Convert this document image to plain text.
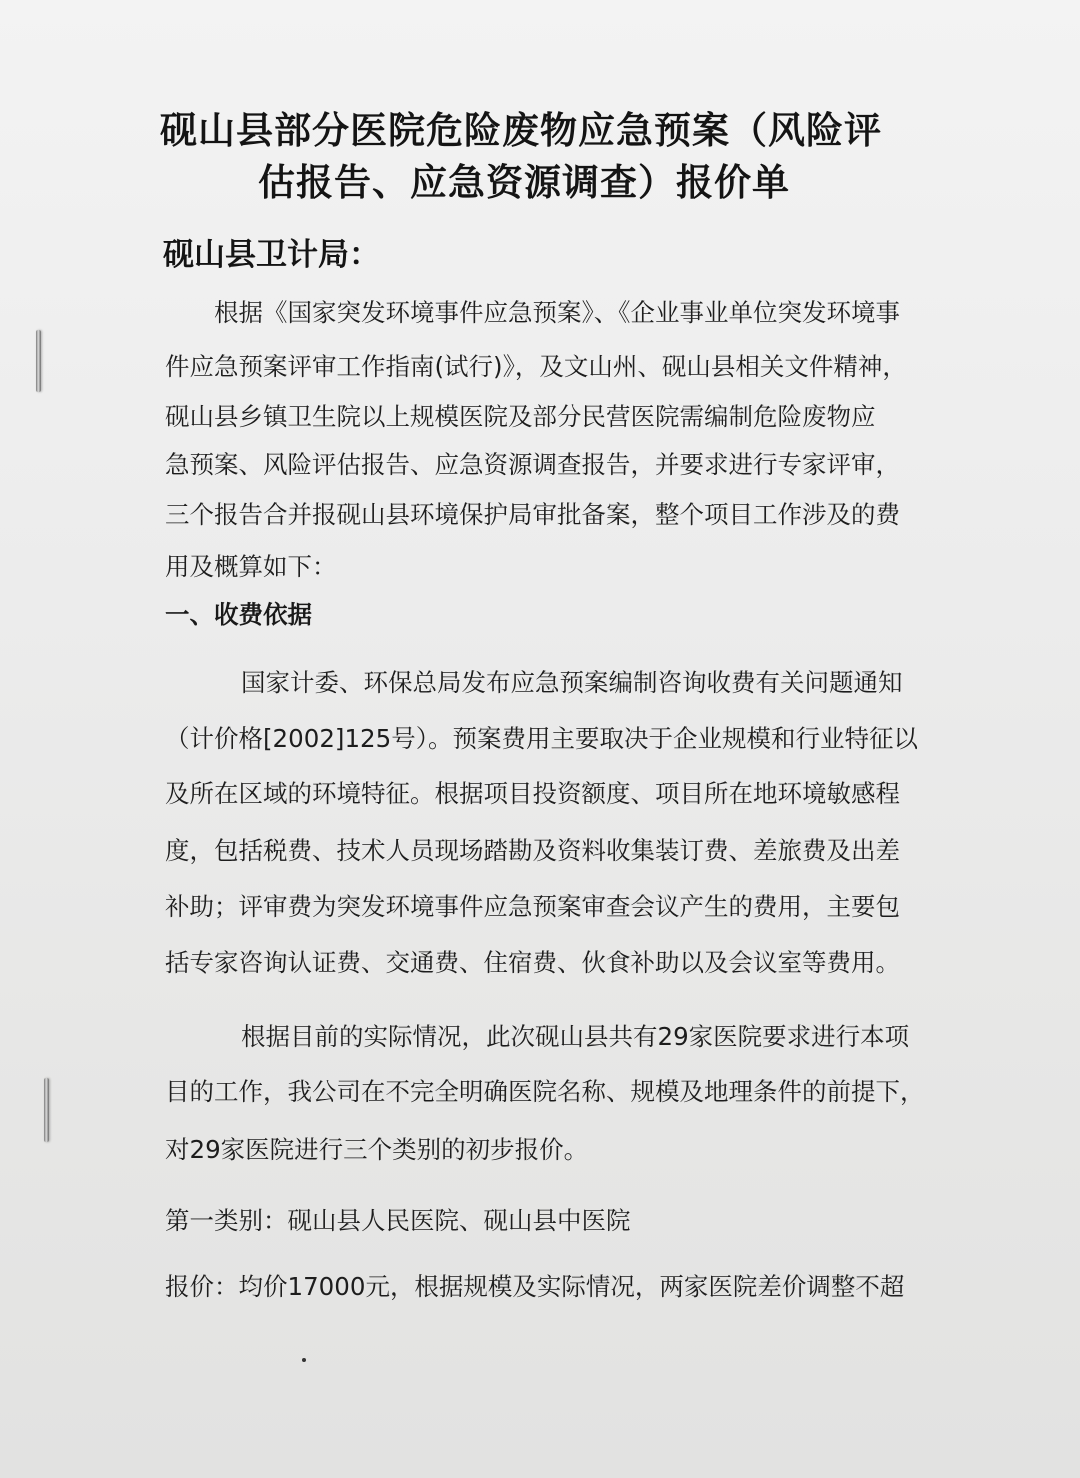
砚山县部分医院危险废物应急预案（风险评

估报告、应急资源调查）报价单

砚山县卫计局：

根据《国家突发环境事件应急预案》、《企业事业单位突发环境事

件应急预案评审工作指南(试行)》，及文山州、砚山县相关文件精神，

砚山县乡镇卫生院以上规模医院及部分民营医院需编制危险废物应

急预案、风险评估报告、应急资源调查报告，并要求进行专家评审，

三个报告合并报砚山县环境保护局审批备案，整个项目工作涉及的费

用及概算如下：

一、收费依据

国家计委、环保总局发布应急预案编制咨询收费有关问题通知

（计价格[2002]125号）。预案费用主要取决于企业规模和行业特征以

及所在区域的环境特征。根据项目投资额度、项目所在地环境敏感程

度，包括税费、技术人员现场踏勘及资料收集装订费、差旅费及出差

补助；评审费为突发环境事件应急预案审查会议产生的费用，主要包

括专家咨询认证费、交通费、住宿费、伙食补助以及会议室等费用。

根据目前的实际情况，此次砚山县共有29家医院要求进行本项

目的工作，我公司在不完全明确医院名称、规模及地理条件的前提下，

对29家医院进行三个类别的初步报价。

第一类别：砚山县人民医院、砚山县中医院

报价：均价17000元，根据规模及实际情况，两家医院差价调整不超
